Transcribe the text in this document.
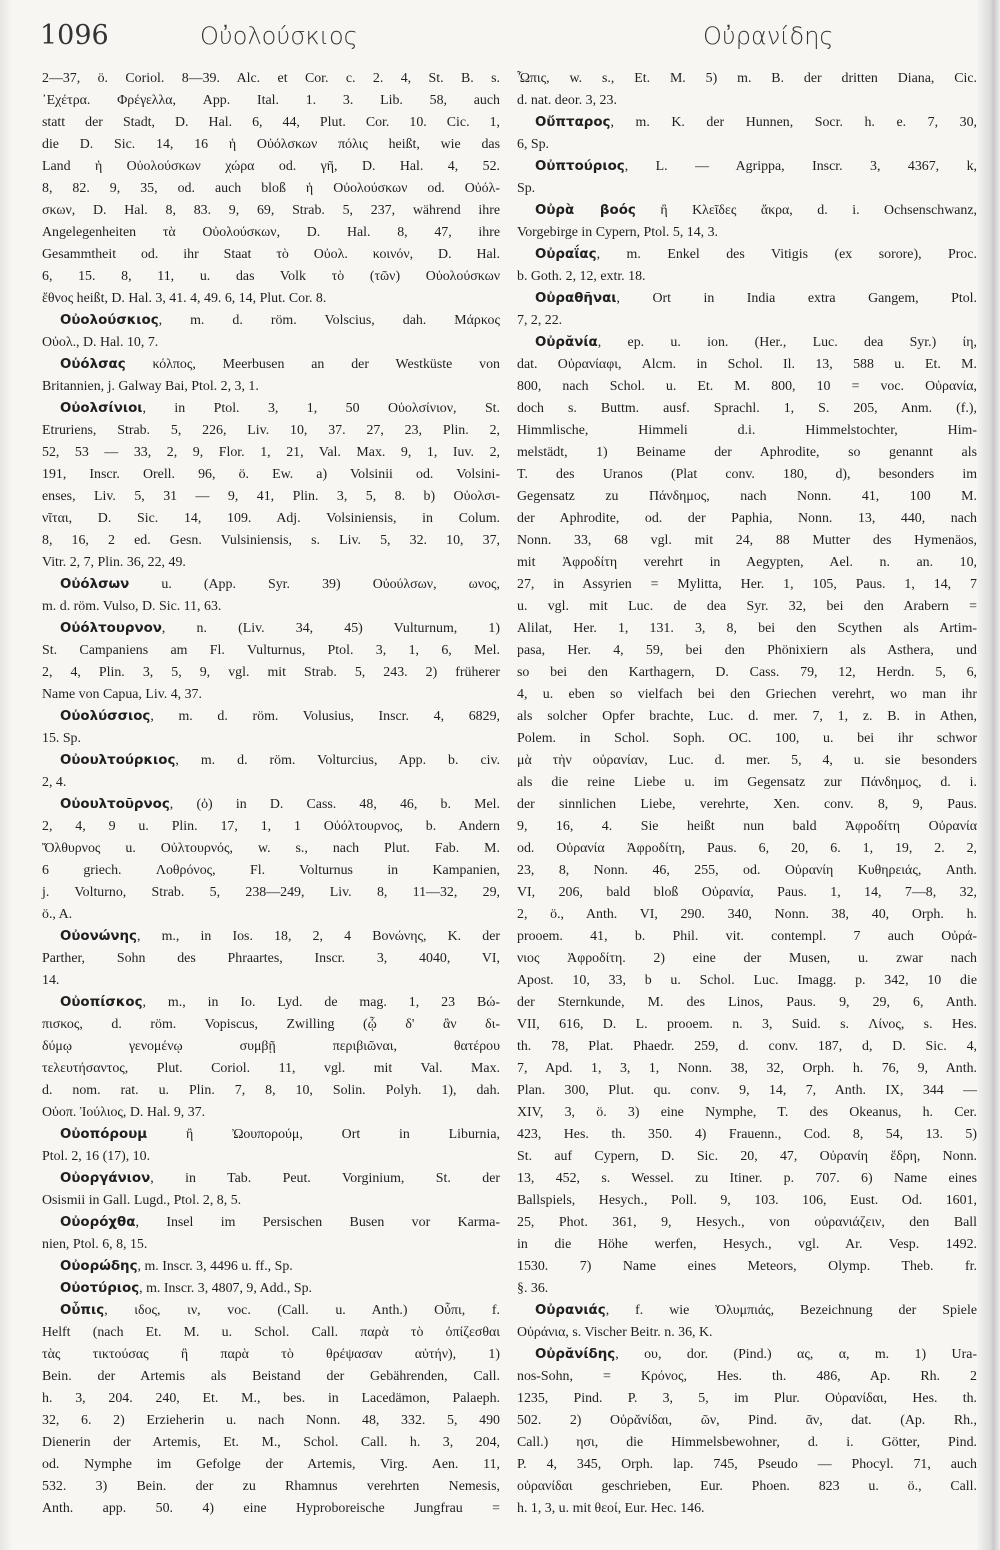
1096	Οὐολούσκιος	Οὐρανίδης
2—37, ö. Coriol. 8—39. Alc. et Cor. c. 2. 4, St. B. s.
᾿Εχέτρα. Φρέγελλα, App. Ital. 1. 3. Lib. 58, auch
statt der Stadt, D. Hal. 6, 44, Plut. Cor. 10. Cic. 1,
die D. Sic. 14, 16 ἡ Οὐόλσκων πόλις heißt, wie das
Land ἡ Οὐολούσκων χώρα od. γῆ, D. Hal. 4, 52.
8, 82. 9, 35, od. auch bloß ἡ Οὐολούσκων od. Οὐόλ-
σκων, D. Hal. 8, 83. 9, 69, Strab. 5, 237, während ihre
Angelegenheiten τὰ Οὐολούσκων, D. Hal. 8, 47, ihre
Gesammtheit od. ihr Staat τὸ Οὐολ. κοινόν, D. Hal.
6, 15. 8, 11, u. das Volk τὸ (τῶν) Οὐολούσκων
ἔθνος heißt, D. Hal. 3, 41. 4, 49. 6, 14, Plut. Cor. 8.
Οὐολούσκιος, m. d. röm. Volscius, dah. Μάρκος
Οὐολ., D. Hal. 10, 7.
Οὐόλσας κόλπος, Meerbusen an der Westküste von
Britannien, j. Galway Bai, Ptol. 2, 3, 1.
Οὐολσίνιοι, in Ptol. 3, 1, 50 Οὐολσίνιον, St.
Etruriens, Strab. 5, 226, Liv. 10, 37. 27, 23, Plin. 2,
52, 53 — 33, 2, 9, Flor. 1, 21, Val. Max. 9, 1, Iuv. 2,
191, Inscr. Orell. 96, ö. Ew. a) Volsinii od. Volsini-
enses, Liv. 5, 31 — 9, 41, Plin. 3, 5, 8. b) Οὐολσι-
νῖται, D. Sic. 14, 109. Adj. Volsiniensis, in Colum.
8, 16, 2 ed. Gesn. Vulsiniensis, s. Liv. 5, 32. 10, 37,
Vitr. 2, 7, Plin. 36, 22, 49.
Οὐόλσων u. (App. Syr. 39) Οὐούλσων, ωνος,
m. d. röm. Vulso, D. Sic. 11, 63.
Οὐόλτουρνον, n. (Liv. 34, 45) Vulturnum, 1)
St. Campaniens am Fl. Vulturnus, Ptol. 3, 1, 6, Mel.
2, 4, Plin. 3, 5, 9, vgl. mit Strab. 5, 243. 2) früherer
Name von Capua, Liv. 4, 37.
Οὐολύσσιος, m. d. röm. Volusius, Inscr. 4, 6829,
15. Sp.
Οὐουλτούρκιος, m. d. röm. Volturcius, App. b. civ.
2, 4.
Οὐουλτοῦρνος, (ὁ) in D. Cass. 48, 46, b. Mel.
2, 4, 9 u. Plin. 17, 1, 1 Οὐόλτουρνος, b. Andern
Ὄλθυρνος u. Οὐλτουρνός, w. s., nach Plut. Fab. M.
6 griech. Λοθρόνος, Fl. Volturnus in Kampanien,
j. Volturno, Strab. 5, 238—249, Liv. 8, 11—32, 29,
ö., A.
Οὐονώνης, m., in Ios. 18, 2, 4 Βονώνης, K. der
Parther, Sohn des Phraartes, Inscr. 3, 4040, VI,
14.
Οὐοπίσκος, m., in Io. Lyd. de mag. 1, 23 Βώ-
πισκος, d. röm. Vopiscus, Zwilling (ᾧ δ' ἂν δι-
δύμῳ γενομένῳ συμβῇ περιβιῶναι, θατέρου
τελευτήσαντος, Plut. Coriol. 11, vgl. mit Val. Max.
d. nom. rat. u. Plin. 7, 8, 10, Solin. Polyh. 1), dah.
Οὐοπ. Ἰούλιος, D. Hal. 9, 37.
Οὐοπόρουμ ἢ Ὠουπορούμ, Ort in Liburnia,
Ptol. 2, 16 (17), 10.
Οὐοργάνιον, in Tab. Peut. Vorginium, St. der
Osismii in Gall. Lugd., Ptol. 2, 8, 5.
Οὐορόχθα, Insel im Persischen Busen vor Karma-
nien, Ptol. 6, 8, 15.
Οὐορώδης, m. Inscr. 3, 4496 u. ff., Sp.
Οὐοτύριος, m. Inscr. 3, 4807, 9, Add., Sp.
Οὖπις, ιδος, ιν, voc. (Call. u. Anth.) Οὖπι, f.
Helft (nach Et. M. u. Schol. Call. παρὰ τὸ ὀπίζεσθαι
τὰς τικτούσας ἢ παρὰ τὸ θρέψασαν αὐτήν), 1)
Bein. der Artemis als Beistand der Gebährenden, Call.
h. 3, 204. 240, Et. M., bes. in Lacedämon, Palaeph.
32, 6. 2) Erzieherin u. nach Nonn. 48, 332. 5, 490
Dienerin der Artemis, Et. M., Schol. Call. h. 3, 204,
od. Nymphe im Gefolge der Artemis, Virg. Aen. 11,
532. 3) Bein. der zu Rhamnus verehrten Nemesis,
Anth. app. 50. 4) eine Hyproboreische Jungfrau =
Ὦπις, w. s., Et. M. 5) m. B. der dritten Diana, Cic.
d. nat. deor. 3, 23.
Οὔπταρος, m. K. der Hunnen, Socr. h. e. 7, 30,
6, Sp.
Οὐπτούριος, L. — Agrippa, Inscr. 3, 4367, k,
Sp.
Οὐρὰ βοός ἢ Κλεῖδες ἄκρα, d. i. Ochsenschwanz,
Vorgebirge in Cypern, Ptol. 5, 14, 3.
Οὐραΐας, m. Enkel des Vitigis (ex sorore), Proc.
b. Goth. 2, 12, extr. 18.
Οὐραθῆναι, Ort in India extra Gangem, Ptol.
7, 2, 22.
Οὐρᾰνία, ep. u. ion. (Her., Luc. dea Syr.) ίη,
dat. Οὐρανίαφι, Alcm. in Schol. Il. 13, 588 u. Et. M.
800, nach Schol. u. Et. M. 800, 10 = voc. Οὐρανία,
doch s. Buttm. ausf. Sprachl. 1, S. 205, Anm. (f.),
Himmlische, Himmeli d.i. Himmelstochter, Him-
melstädt, 1) Beiname der Aphrodite, so genannt als
T. des Uranos (Plat conv. 180, d), besonders im
Gegensatz zu Πάνδημος, nach Nonn. 41, 100 M.
der Aphrodite, od. der Paphia, Nonn. 13, 440, nach
Nonn. 33, 68 vgl. mit 24, 88 Mutter des Hymenäos,
mit Ἀφροδίτη verehrt in Aegypten, Ael. n. an. 10,
27, in Assyrien = Mylitta, Her. 1, 105, Paus. 1, 14, 7
u. vgl. mit Luc. de dea Syr. 32, bei den Arabern =
Alilat, Her. 1, 131. 3, 8, bei den Scythen als Artim-
pasa, Her. 4, 59, bei den Phönixiern als Asthera, und
so bei den Karthagern, D. Cass. 79, 12, Herdn. 5, 6,
4, u. eben so vielfach bei den Griechen verehrt, wo man ihr
als solcher Opfer brachte, Luc. d. mer. 7, 1, z. B. in Athen,
Polem. in Schol. Soph. OC. 100, u. bei ihr schwor
μὰ τὴν οὐρανίαν, Luc. d. mer. 5, 4, u. sie besonders
als die reine Liebe u. im Gegensatz zur Πάνδημος, d. i.
der sinnlichen Liebe, verehrte, Xen. conv. 8, 9, Paus.
9, 16, 4. Sie heißt nun bald Ἀφροδίτη Οὐρανία
od. Οὐρανία Ἀφροδίτη, Paus. 6, 20, 6. 1, 19, 2. 2,
23, 8, Nonn. 46, 255, od. Οὐρανίη Κυθηρειάς, Anth.
VI, 206, bald bloß Οὐρανία, Paus. 1, 14, 7—8, 32,
2, ö., Anth. VI, 290. 340, Nonn. 38, 40, Orph. h.
prooem. 41, b. Phil. vit. contempl. 7 auch Οὐρά-
νιος Ἀφροδίτη. 2) eine der Musen, u. zwar nach
Apost. 10, 33, b u. Schol. Luc. Imagg. p. 342, 10 die
der Sternkunde, M. des Linos, Paus. 9, 29, 6, Anth.
VII, 616, D. L. prooem. n. 3, Suid. s. Λίνος, s. Hes.
th. 78, Plat. Phaedr. 259, d. conv. 187, d, D. Sic. 4,
7, Apd. 1, 3, 1, Nonn. 38, 32, Orph. h. 76, 9, Anth.
Plan. 300, Plut. qu. conv. 9, 14, 7, Anth. IX, 344 —
XIV, 3, ö. 3) eine Nymphe, T. des Okeanus, h. Cer.
423, Hes. th. 350. 4) Frauenn., Cod. 8, 54, 13. 5)
St. auf Cypern, D. Sic. 20, 47, Οὐρανίη ἕδρη, Nonn.
13, 452, s. Wessel. zu Itiner. p. 707. 6) Name eines
Ballspiels, Hesych., Poll. 9, 103. 106, Eust. Od. 1601,
25, Phot. 361, 9, Hesych., von οὐρανιάζειν, den Ball
in die Höhe werfen, Hesych., vgl. Ar. Vesp. 1492.
1530. 7) Name eines Meteors, Olymp. Theb. fr.
§. 36.
Οὐρανιάς, f. wie Ὀλυμπιάς, Bezeichnung der Spiele
Οὐράνια, s. Vischer Beitr. n. 36, K.
Οὐρᾰνίδης, ου, dor. (Pind.) ας, α, m. 1) Ura-
nos-Sohn, = Κρόνος, Hes. th. 486, Ap. Rh. 2
1235, Pind. P. 3, 5, im Plur. Οὐρανίδαι, Hes. th.
502. 2) Οὐρᾰνίδαι, ῶν, Pind. ᾶν, dat. (Ap. Rh.,
Call.) ησι, die Himmelsbewohner, d. i. Götter, Pind.
P. 4, 345, Orph. lap. 745, Pseudo — Phocyl. 71, auch
οὐρανίδαι geschrieben, Eur. Phoen. 823 u. ö., Call.
h. 1, 3, u. mit θεοί, Eur. Hec. 146.
